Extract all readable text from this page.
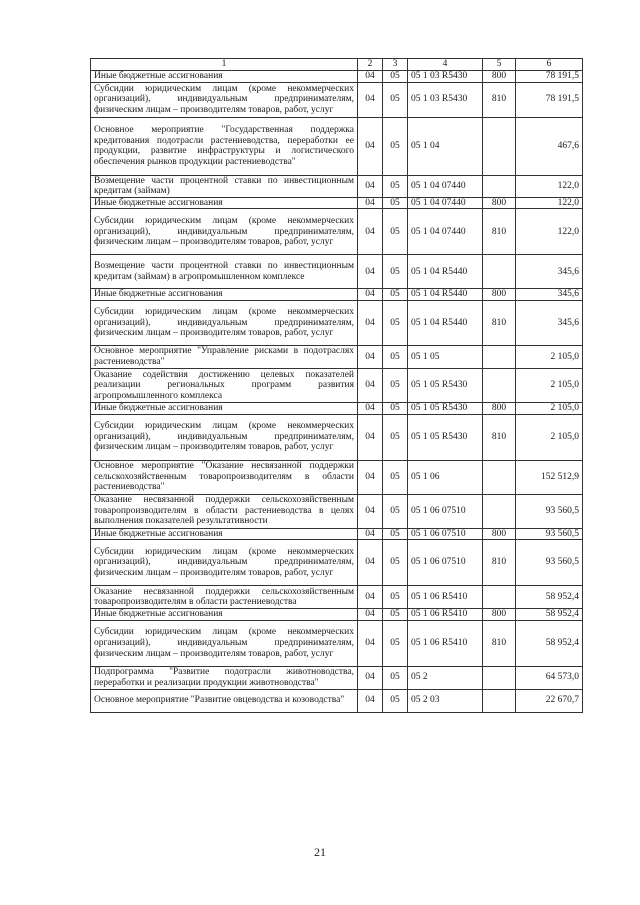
1	2	3	4	5	6
Иные бюджетные ассигнования	04	05	05 1 03 R5430	800	78 191,5
Субсидии юридическим лицам (кроме некоммерческих организаций), индивидуальным предпринимателям, физическим лицам – производителям товаров, работ, услуг	04	05	05 1 03 R5430	810	78 191,5
Основное мероприятие "Государственная поддержка кредитования подотрасли растениеводства, переработки ее продукции, развитие инфраструктуры и логистического обеспечения рынков продукции растениеводства"	04	05	05 1 04		467,6
Возмещение части процентной ставки по инвестиционным кредитам (займам)	04	05	05 1 04 07440		122,0
Иные бюджетные ассигнования	04	05	05 1 04 07440	800	122,0
Субсидии юридическим лицам (кроме некоммерческих организаций), индивидуальным предпринимателям, физическим лицам – производителям товаров, работ, услуг	04	05	05 1 04 07440	810	122,0
Возмещение части процентной ставки по инвестиционным кредитам (займам) в агропромышленном комплексе	04	05	05 1 04 R5440		345,6
Иные бюджетные ассигнования	04	05	05 1 04 R5440	800	345,6
Субсидии юридическим лицам (кроме некоммерческих организаций), индивидуальным предпринимателям, физическим лицам – производителям товаров, работ, услуг	04	05	05 1 04 R5440	810	345,6
Основное мероприятие "Управление рисками в подотраслях растениеводства"	04	05	05 1 05		2 105,0
Оказание содействия достижению целевых показателей реализации региональных программ развития агропромышленного комплекса	04	05	05 1 05 R5430		2 105,0
Иные бюджетные ассигнования	04	05	05 1 05 R5430	800	2 105,0
Субсидии юридическим лицам (кроме некоммерческих организаций), индивидуальным предпринимателям, физическим лицам – производителям товаров, работ, услуг	04	05	05 1 05 R5430	810	2 105,0
Основное мероприятие "Оказание несвязанной поддержки сельскохозяйственным товаропроизводителям в области растениеводства"	04	05	05 1 06		152 512,9
Оказание несвязанной поддержки сельскохозяйственным товаропроизводителям в области растениеводства в целях выполнения показателей результативности	04	05	05 1 06 07510		93 560,5
Иные бюджетные ассигнования	04	05	05 1 06 07510	800	93 560,5
Субсидии юридическим лицам (кроме некоммерческих организаций), индивидуальным предпринимателям, физическим лицам – производителям товаров, работ, услуг	04	05	05 1 06 07510	810	93 560,5
Оказание несвязанной поддержки сельскохозяйственным товаропроизводителям в области растениеводства	04	05	05 1 06 R5410		58 952,4
Иные бюджетные ассигнования	04	05	05 1 06 R5410	800	58 952,4
Субсидии юридическим лицам (кроме некоммерческих организаций), индивидуальным предпринимателям, физическим лицам – производителям товаров, работ, услуг	04	05	05 1 06 R5410	810	58 952,4
Подпрограмма "Развитие подотрасли животноводства, переработки и реализации продукции животноводства"	04	05	05 2		64 573,0
Основное мероприятие "Развитие овцеводства и козоводства"	04	05	05 2 03		22 670,7
21
